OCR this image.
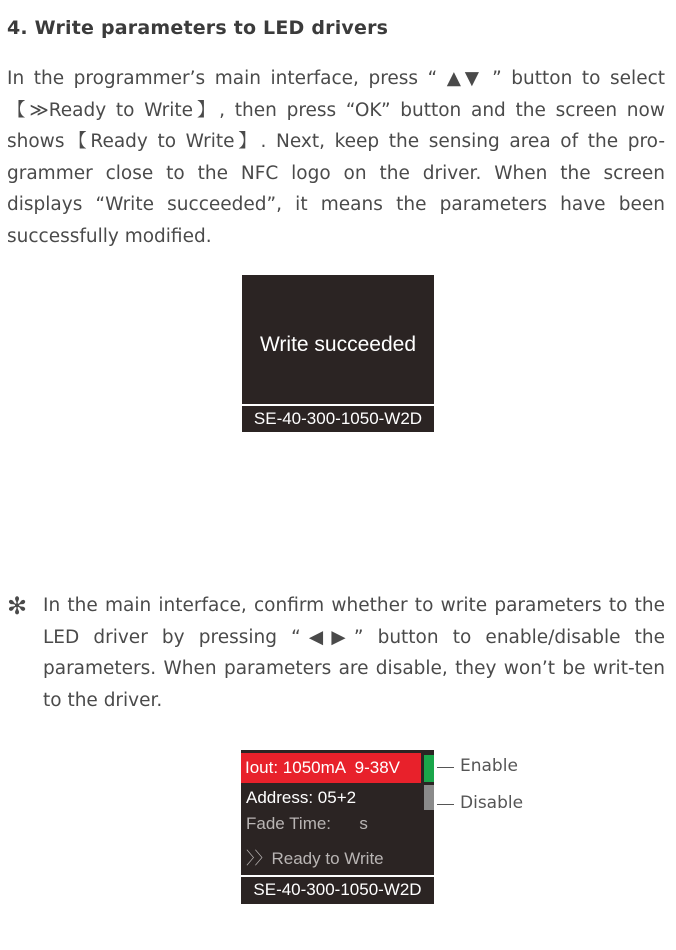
4. Write parameters to LED drivers
In the programmer’s main interface, press “ ▲▼ ” button to select 【≫Ready to Write】, then press “OK” button and the screen now shows【Ready to Write】. Next, keep the sensing area of the pro-grammer close to the NFC logo on the driver. When the screen displays “Write succeeded”, it means the parameters have been successfully modified.
Write succeeded
SE-40-300-1050-W2D
✻ In the main interface, confirm whether to write parameters to the LED driver by pressing “◀▶” button to enable/disable the parameters. When parameters are disable, they won’t be writ-ten to the driver.
Iout: 1050mA  9-38V
Address: 05+2
Fade Time:      s
〉〉Ready to Write
SE-40-300-1050-W2D
Enable
Disable
